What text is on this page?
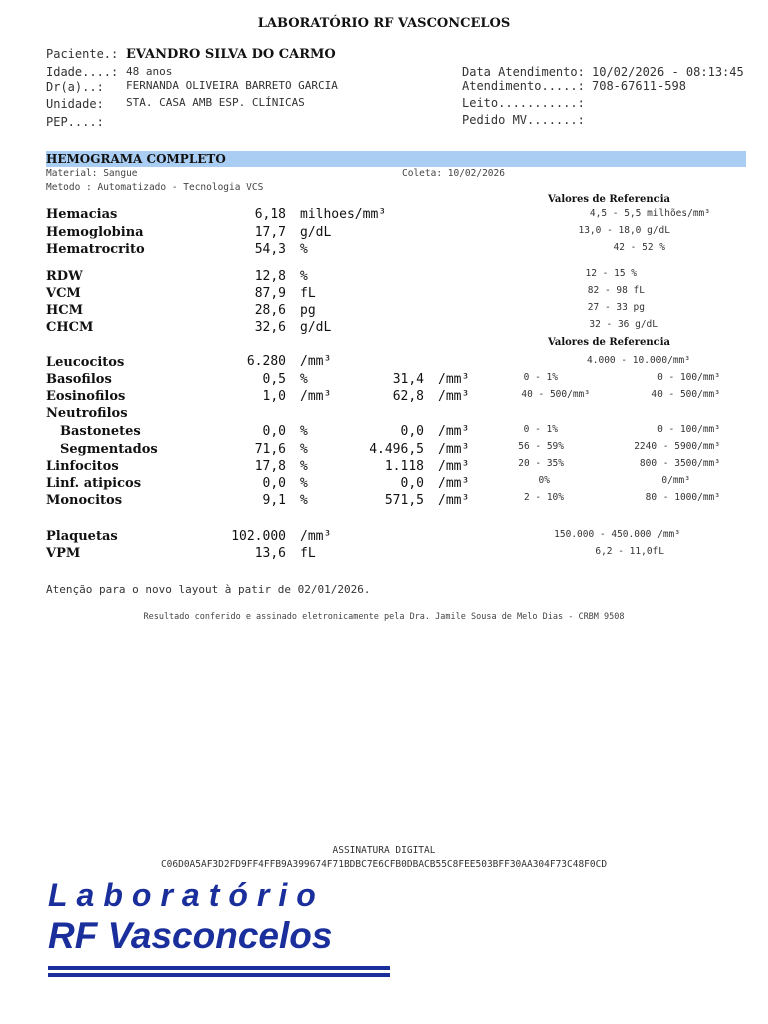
LABORATÓRIO RF VASCONCELOS
Paciente.: EVANDRO SILVA DO CARMO
Idade....: 48 anos
Dr(a)..: FERNANDA OLIVEIRA BARRETO GARCIA
Unidade: STA. CASA AMB ESP. CLÍNICAS
PEP....:
Data Atendimento: 10/02/2026 - 08:13:45
Atendimento.....: 708-67611-598
Leito...........:
Pedido MV.......:
HEMOGRAMA COMPLETO
Material: Sangue	Coleta: 10/02/2026
Metodo : Automatizado - Tecnologia VCS
Valores de Referencia
Hemacias	6,18 milhoes/mm³	4,5 - 5,5 milhões/mm³
Hemoglobina	17,7 g/dL	13,0 - 18,0 g/dL
Hematrocrito	54,3 %	42 - 52 %
RDW	12,8 %	12 - 15 %
VCM	87,9 fL	82 - 98 fL
HCM	28,6 pg	27 - 33 pg
CHCM	32,6 g/dL	32 - 36 g/dL
Valores de Referencia
Leucocitos	6.280 /mm³	4.000 - 10.000/mm³
Basofilos	0,5 %	31,4 /mm³	0 - 1%	0 - 100/mm³
Eosinofilos	1,0 /mm³	62,8 /mm³	40 - 500/mm³	40 - 500/mm³
Neutrofilos
Bastonetes	0,0 %	0,0 /mm³	0 - 1%	0 - 100/mm³
Segmentados	71,6 %	4.496,5 /mm³	56 - 59%	2240 - 5900/mm³
Linfocitos	17,8 %	1.118 /mm³	20 - 35%	800 - 3500/mm³
Linf. atipicos	0,0 %	0,0 /mm³	0%	0/mm³
Monocitos	9,1 %	571,5 /mm³	2 - 10%	80 - 1000/mm³
Plaquetas	102.000 /mm³	150.000 - 450.000 /mm³
VPM	13,6 fL	6,2 - 11,0fL
Atenção para o novo layout à patir de 02/01/2026.
Resultado conferido e assinado eletronicamente pela Dra. Jamile Sousa de Melo Dias - CRBM 9508
ASSINATURA DIGITAL
C06D0A5AF3D2FD9FF4FFB9A399674F71BDBC7E6CFB0DBACB55C8FEE503BFF30AA304F73C48F0CD
Laboratório
RF Vasconcelos
